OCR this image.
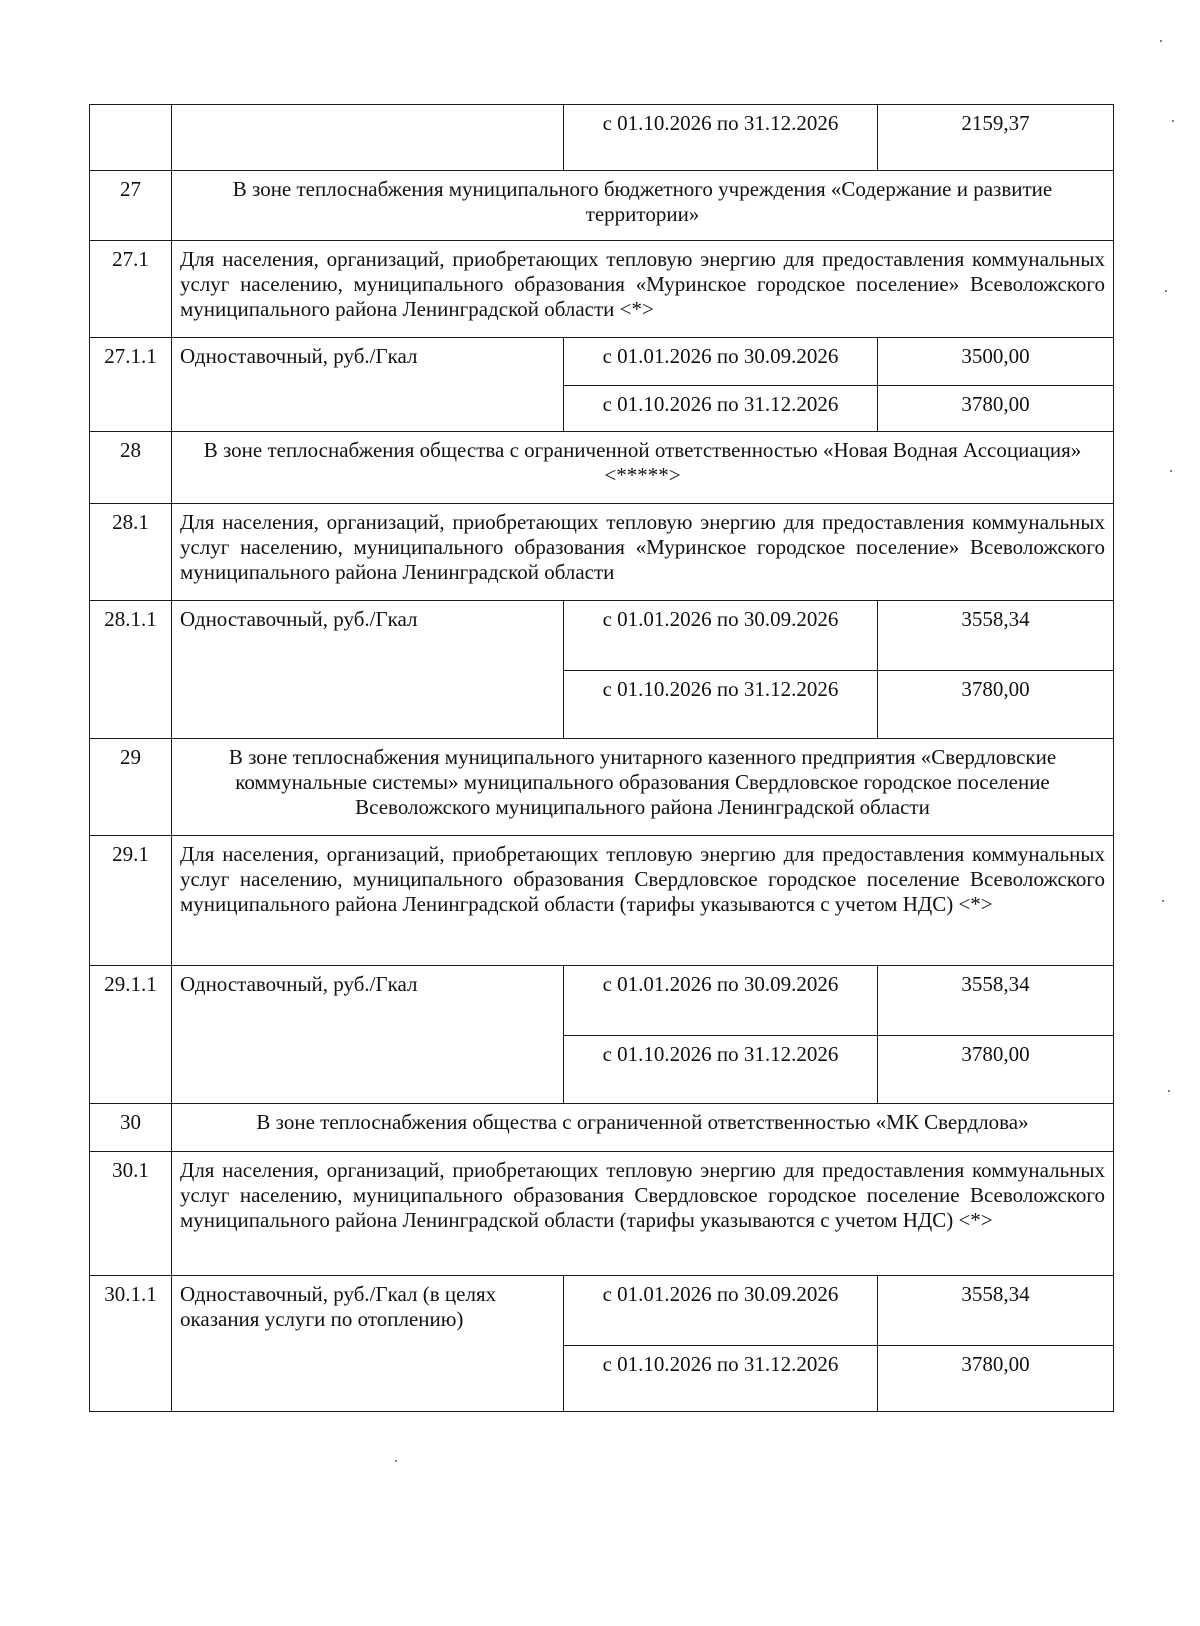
		с 01.10.2026 по 31.12.2026	2159,37
27	В зоне теплоснабжения муниципального бюджетного учреждения «Содержание и развитие территории»		
27.1	Для населения, организаций, приобретающих тепловую энергию для предоставления коммунальных услуг населению, муниципального образования «Муринское городское поселение» Всеволожского муниципального района Ленинградской области <*>		
27.1.1	Одноставочный, руб./Гкал	с 01.01.2026 по 30.09.2026	3500,00
		с 01.10.2026 по 31.12.2026	3780,00
28	В зоне теплоснабжения общества с ограниченной ответственностью «Новая Водная Ассоциация» <*****>		
28.1	Для населения, организаций, приобретающих тепловую энергию для предоставления коммунальных услуг населению, муниципального образования «Муринское городское поселение» Всеволожского муниципального района Ленинградской области		
28.1.1	Одноставочный, руб./Гкал	с 01.01.2026 по 30.09.2026	3558,34
		с 01.10.2026 по 31.12.2026	3780,00
29	В зоне теплоснабжения муниципального унитарного казенного предприятия «Свердловские коммунальные системы» муниципального образования Свердловское городское поселение Всеволожского муниципального района Ленинградской области		
29.1	Для населения, организаций, приобретающих тепловую энергию для предоставления коммунальных услуг населению, муниципального образования Свердловское городское поселение Всеволожского муниципального района Ленинградской области (тарифы указываются с учетом НДС) <*>		
29.1.1	Одноставочный, руб./Гкал	с 01.01.2026 по 30.09.2026	3558,34
		с 01.10.2026 по 31.12.2026	3780,00
30	В зоне теплоснабжения общества с ограниченной ответственностью «МК Свердлова»		
30.1	Для населения, организаций, приобретающих тепловую энергию для предоставления коммунальных услуг населению, муниципального образования Свердловское городское поселение Всеволожского муниципального района Ленинградской области (тарифы указываются с учетом НДС) <*>		
30.1.1	Одноставочный, руб./Гкал (в целях оказания услуги по отоплению)	с 01.01.2026 по 30.09.2026	3558,34
		с 01.10.2026 по 31.12.2026	3780,00
